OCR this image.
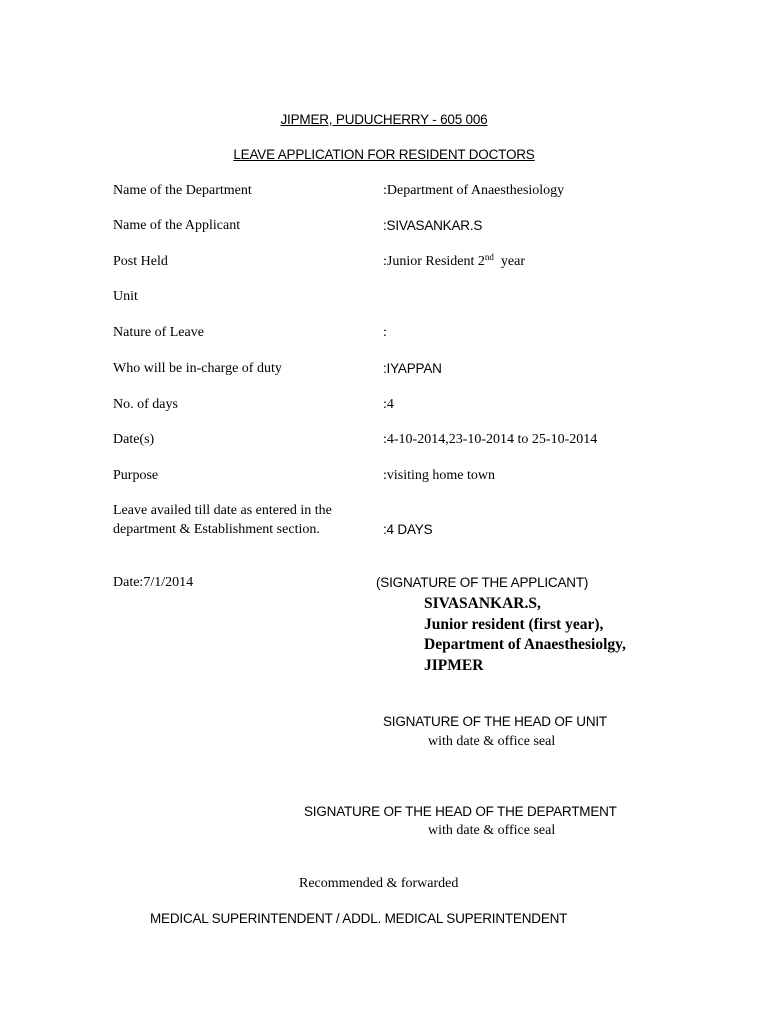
JIPMER, PUDUCHERRY - 605 006
LEAVE APPLICATION FOR RESIDENT DOCTORS
Name of the Department	:Department of Anaesthesiology
Name of the Applicant	:SIVASANKAR.S
Post Held	:Junior Resident 2nd  year
Unit
Nature of Leave	:
Who will be in-charge of duty	:IYAPPAN
No. of days	:4
Date(s)	:4-10-2014,23-10-2014 to 25-10-2014
Purpose	:visiting home town
Leave availed till date as entered in the
department & Establishment section.	:4 DAYS
Date:7/1/2014	(SIGNATURE OF THE APPLICANT)
SIVASANKAR.S,
Junior resident (first year),
Department of Anaesthesiolgy,
JIPMER
SIGNATURE OF THE HEAD OF UNIT
with date & office seal
SIGNATURE OF THE HEAD OF THE DEPARTMENT
with date & office seal
Recommended & forwarded
MEDICAL SUPERINTENDENT / ADDL. MEDICAL SUPERINTENDENT
